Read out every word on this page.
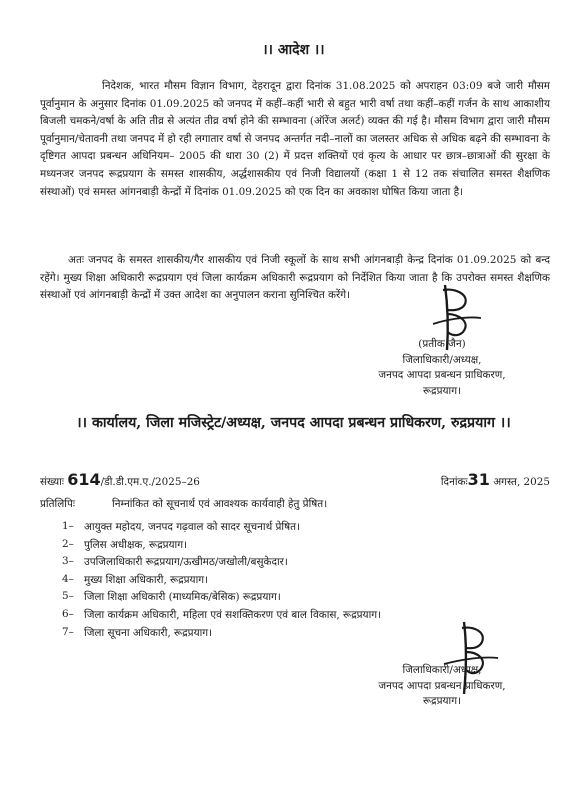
।। आदेश ।।

निदेशक, भारत मौसम विज्ञान विभाग, देहरादून द्वारा दिनांक 31.08.2025 को अपराहन 03:09 बजे जारी मौसम पूर्वानुमान के अनुसार दिनांक 01.09.2025 को जनपद में कहीं–कहीं भारी से बहुत भारी वर्षा तथा कहीं–कहीं गर्जन के साथ आकाशीय बिजली चमकने/वर्षा के अति तीव्र से अत्यंत तीव्र वर्षा होने की सम्भावना (ऑरेंज अलर्ट) व्यक्त की गई है। मौसम विभाग द्वारा जारी मौसम पूर्वानुमान/चेतावनी तथा जनपद में हो रही लगातार वर्षा से जनपद अन्तर्गत नदी–नालों का जलस्तर अधिक से अधिक बढ़ने की सम्भावना के दृष्टिगत आपदा प्रबन्धन अधिनियम– 2005 की धारा 30 (2) में प्रदत्त शक्तियों एवं कृत्य के आधार पर छात्र–छात्राओं की सुरक्षा के मध्यनजर जनपद रूद्रप्रयाग के समस्त शासकीय, अर्द्धशासकीय एवं निजी विद्यालयों (कक्षा 1 से 12 तक संचालित समस्त शैक्षणिक संस्थाओं) एवं समस्त आंगनबाड़ी केन्द्रों में दिनांक 01.09.2025 को एक दिन का अवकाश घोषित किया जाता है।

अतः जनपद के समस्त शासकीय/गैर शासकीय एवं निजी स्कूलों के साथ सभी आंगनबाड़ी केन्द्र दिनांक 01.09.2025 को बन्द रहेंगे। मुख्य शिक्षा अधिकारी रूद्रप्रयाग एवं जिला कार्यक्रम अधिकारी रूद्रप्रयाग को निर्देशित किया जाता है कि उपरोक्त समस्त शैक्षणिक संस्थाओं एवं आंगनबाड़ी केन्द्रों में उक्त आदेश का अनुपालन कराना सुनिश्चित करेंगे।

(प्रतीक जैन)
जिलाधिकारी/अध्यक्ष,
जनपद आपदा प्रबन्धन प्राधिकरण,
रूद्रप्रयाग।
।। कार्यालय, जिला मजिस्ट्रेट/अध्यक्ष, जनपद आपदा प्रबन्धन प्राधिकरण, रुद्रप्रयाग ।।
संख्याः 614/डी.डी.एम.ए./2025–26	दिनांकः31 अगस्त, 2025
प्रतिलिपिः	निम्नांकित को सूचनार्थ एवं आवश्यक कार्यवाही हेतु प्रेषित।
1– आयुक्त महोदय, जनपद गढ़वाल को सादर सूचनार्थ प्रेषित।
2– पुलिस अधीक्षक, रूद्रप्रयाग।
3– उपजिलाधिकारी रूद्रप्रयाग/ऊखीमठ/जखोली/बसुकेदार।
4– मुख्य शिक्षा अधिकारी, रूद्रप्रयाग।
5– जिला शिक्षा अधिकारी (माध्यमिक/बेसिक) रूद्रप्रयाग।
6– जिला कार्यक्रम अधिकारी, महिला एवं सशक्तिकरण एवं बाल विकास, रूद्रप्रयाग।
7– जिला सूचना अधिकारी, रूद्रप्रयाग।
जिलाधिकारी/अध्यक्ष,
जनपद आपदा प्रबन्धन प्राधिकरण,
रूद्रप्रयाग।
